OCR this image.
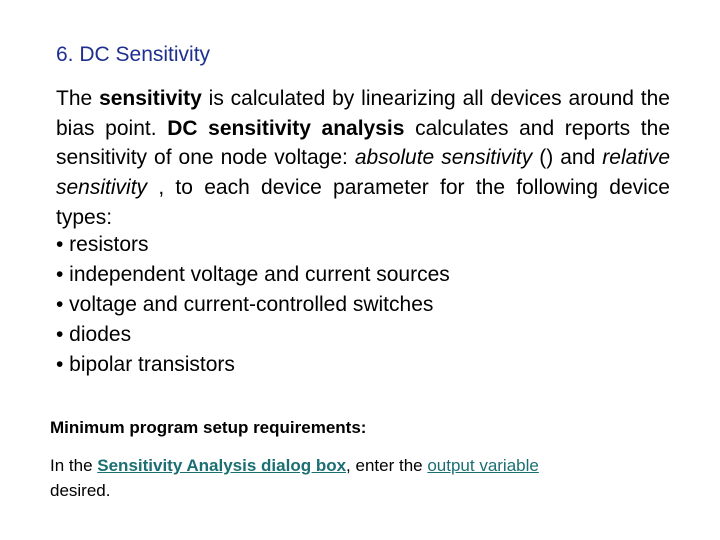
6. DC Sensitivity
The sensitivity is calculated by linearizing all devices around the bias point. DC sensitivity analysis calculates and reports the sensitivity of one node voltage: absolute sensitivity () and relative sensitivity , to each device parameter for the following device types:
• resistors
• independent voltage and current sources
• voltage and current-controlled switches
• diodes
• bipolar transistors
Minimum program setup requirements:
In the Sensitivity Analysis dialog box, enter the output variable
desired.
